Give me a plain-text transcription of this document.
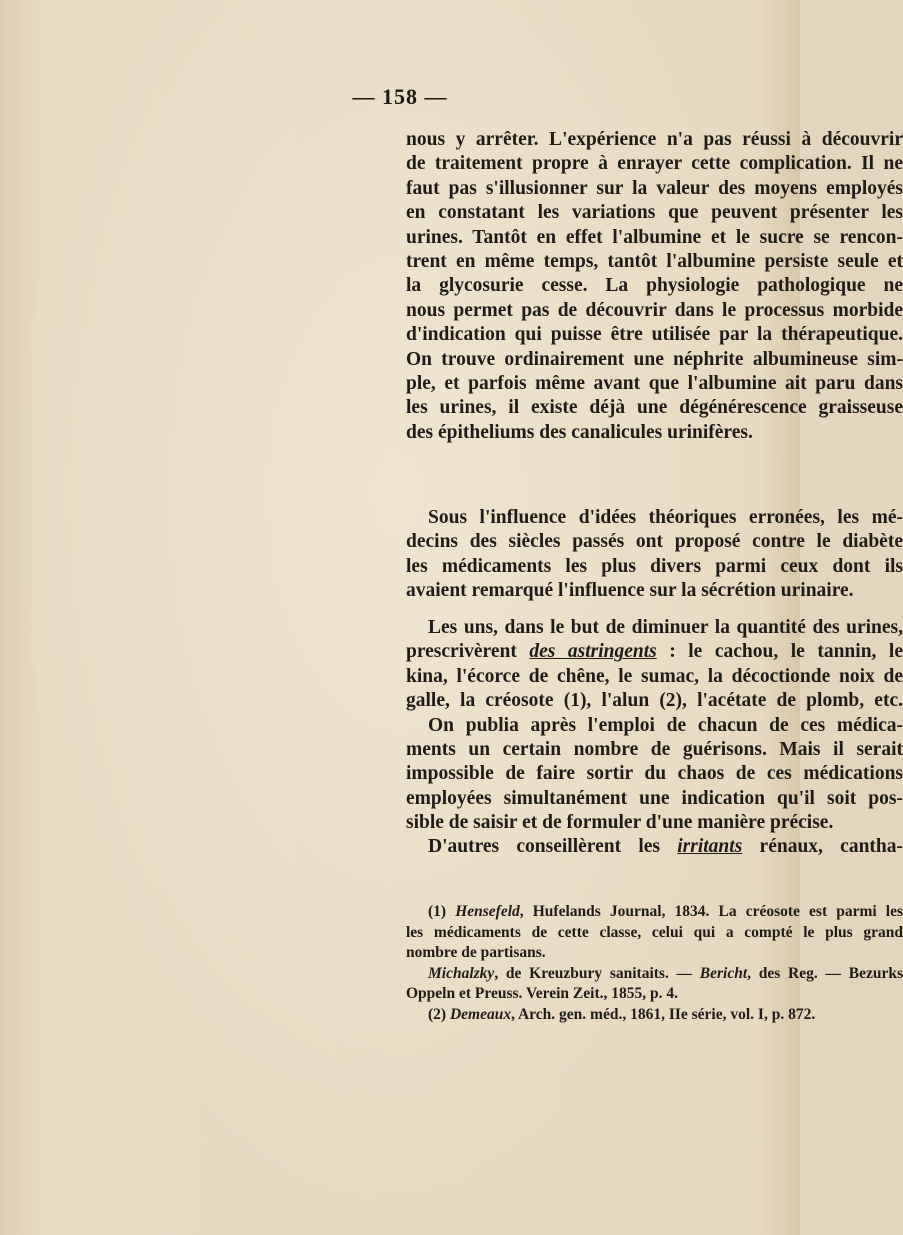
— 158 —
nous y arrêter. L'expérience n'a pas réussi à découvrir
de traitement propre à enrayer cette complication. Il ne
faut pas s'illusionner sur la valeur des moyens employés
en constatant les variations que peuvent présenter les
urines. Tantôt en effet l'albumine et le sucre se rencon-
trent en même temps, tantôt l'albumine persiste seule et
la glycosurie cesse. La physiologie pathologique ne
nous permet pas de découvrir dans le processus morbide
d'indication qui puisse être utilisée par la thérapeutique.
On trouve ordinairement une néphrite albumineuse sim-
ple, et parfois même avant que l'albumine ait paru dans
les urines, il existe déjà une dégénérescence graisseuse
des épitheliums des canalicules urinifères.
Sous l'influence d'idées théoriques erronées, les mé-
decins des siècles passés ont proposé contre le diabète
les médicaments les plus divers parmi ceux dont ils
avaient remarqué l'influence sur la sécrétion urinaire.
Les uns, dans le but de diminuer la quantité des urines,
prescrivèrent des astringents : le cachou, le tannin, le
kina, l'écorce de chêne, le sumac, la décoctionde noix de
galle, la créosote (1), l'alun (2), l'acétate de plomb, etc.
On publia après l'emploi de chacun de ces médica-
ments un certain nombre de guérisons. Mais il serait
impossible de faire sortir du chaos de ces médications
employées simultanément une indication qu'il soit pos-
sible de saisir et de formuler d'une manière précise.
D'autres conseillèrent les irritants rénaux, cantha-
(1) Hensefeld, Hufelands Journal, 1834. La créosote est parmi les
les médicaments de cette classe, celui qui a compté le plus grand
nombre de partisans.
Michalzky, de Kreuzbury sanitaits. — Bericht, des Reg. — Bezurks
Oppeln et Preuss. Verein Zeit., 1855, p. 4.
(2) Demeaux, Arch. gen. méd., 1861, IIe série, vol. I, p. 872.
